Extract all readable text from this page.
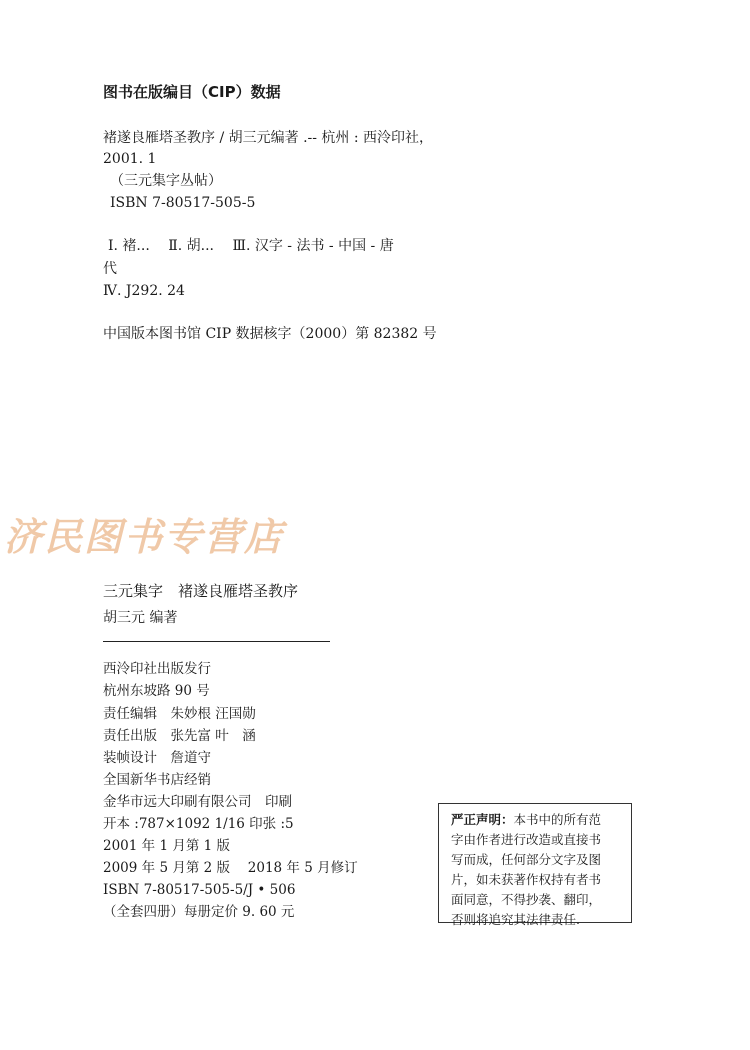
图书在版编目（CIP）数据
褚遂良雁塔圣教序 / 胡三元编著 .-- 杭州 : 西泠印社，
2001. 1
（三元集字丛帖）
ISBN 7-80517-505-5
Ⅰ. 褚...　 Ⅱ. 胡...　 Ⅲ. 汉字 - 法书 - 中国 - 唐
代
Ⅳ. J292. 24
中国版本图书馆 CIP 数据核字（2000）第 82382 号
济民图书专营店
三元集字　褚遂良雁塔圣教序
胡三元 编著
西泠印社出版发行
杭州东坡路 90 号
责任编辑　朱妙根 汪国勋
责任出版　张先富 叶　涵
装帧设计　詹道守
全国新华书店经销
金华市远大印刷有限公司　印刷
开本 :787×1092 1/16 印张 :5
2001 年 1 月第 1 版
2009 年 5 月第 2 版　 2018 年 5 月修订
ISBN 7-80517-505-5/J • 506
（全套四册）每册定价 9. 60 元
严正声明：本书中的所有范
字由作者进行改造或直接书
写而成，任何部分文字及图
片，如未获著作权持有者书
面同意，不得抄袭、翻印，
否则将追究其法律责任.
